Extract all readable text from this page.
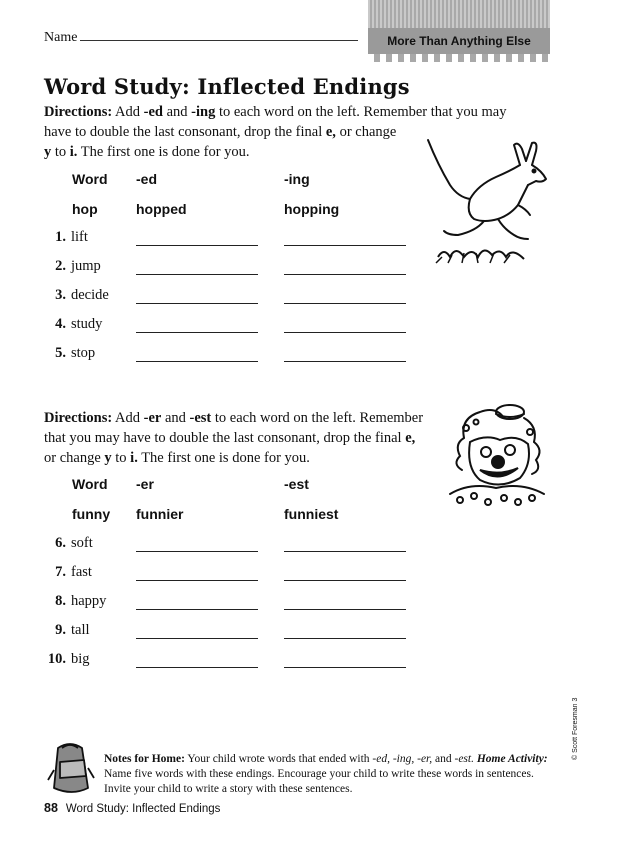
Name	More Than Anything Else
Word Study: Inflected Endings
Directions: Add -ed and -ing to each word on the left. Remember that you may
have to double the last consonant, drop the final e, or change
y to i. The first one is done for you.
Word -ed	-ing
hop	hopped	hopping
1. lift
2. jump
3. decide
4. study
5. stop
Directions: Add -er and -est to each word on the left. Remember
that you may have to double the last consonant, drop the final e,
or change y to i. The first one is done for you.
Word -er	-est
funny funnier	funniest
6. soft
7. fast
8. happy
9. tall
10. big
Notes for Home: Your child wrote words that ended with -ed, -ing, -er, and -est. Home Activity: Name five words with these endings. Encourage your child to write these words in sentences. Invite your child to write a story with these sentences.
88 Word Study: Inflected Endings
© Scott Foresman 3
